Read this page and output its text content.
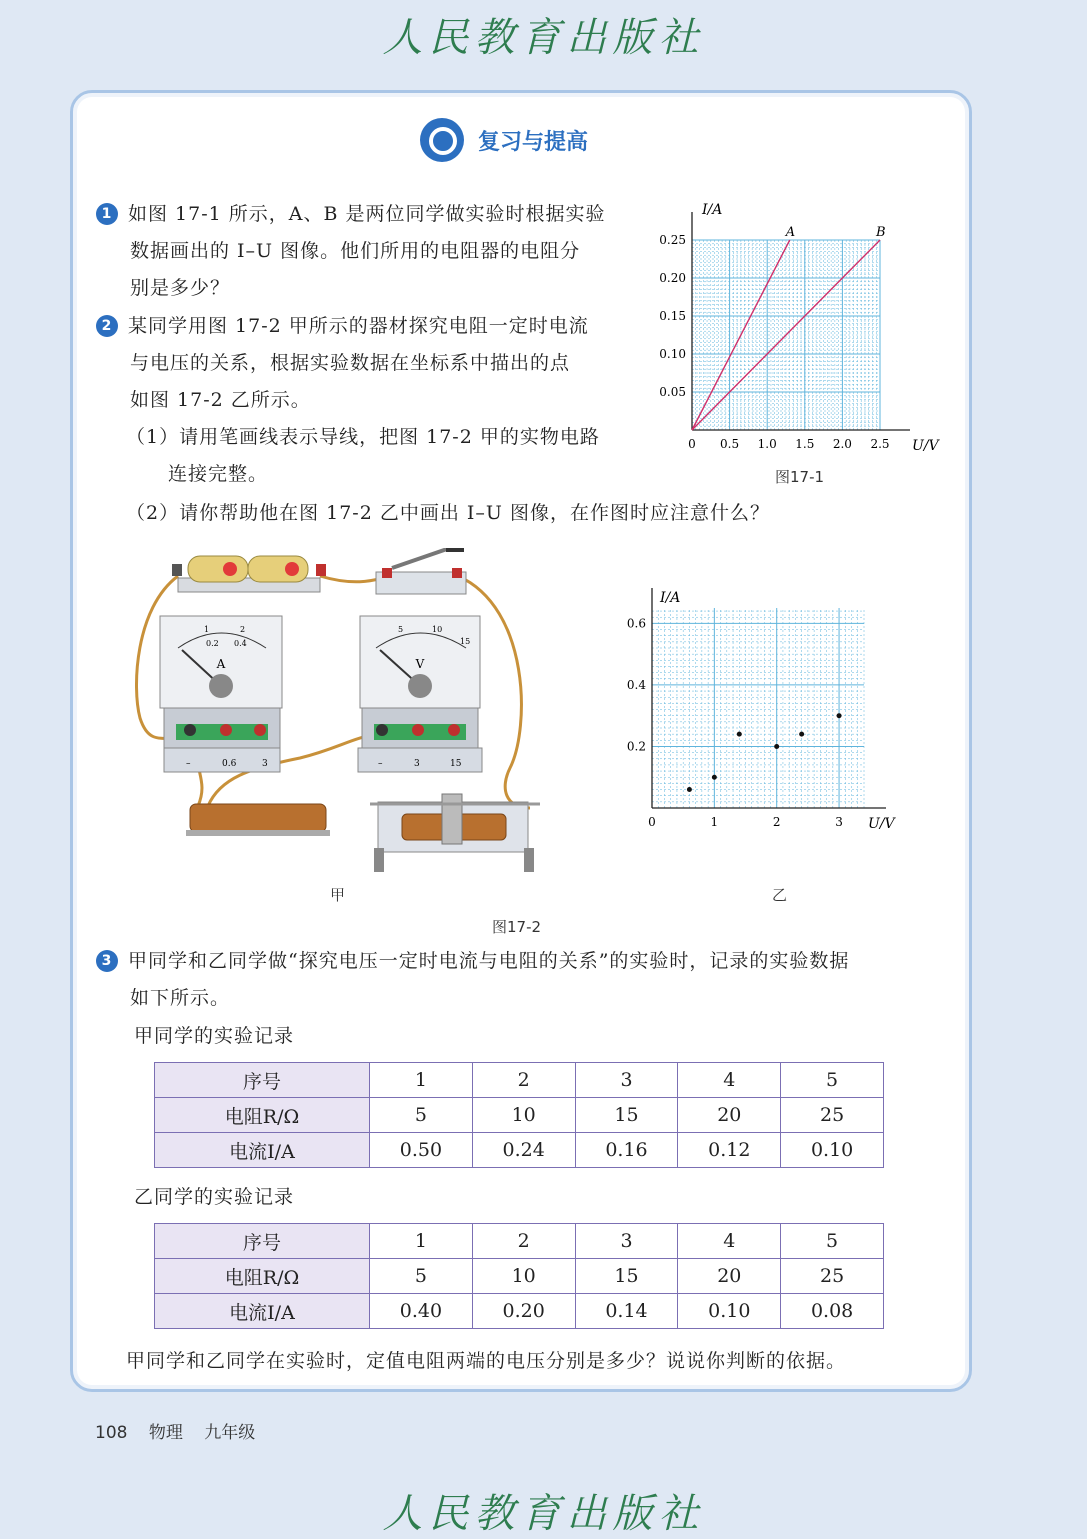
人民教育出版社
复习与提高
1 如图 17-1 所示，A、B 是两位同学做实验时根据实验
数据画出的 I–U 图像。他们所用的电阻器的电阻分
别是多少？
2 某同学用图 17-2 甲所示的器材探究电阻一定时电流
与电压的关系，根据实验数据在坐标系中描出的点
如图 17-2 乙所示。
（1）请用笔画线表示导线，把图 17-2 甲的实物电路
连接完整。
（2）请你帮助他在图 17-2 乙中画出 I–U 图像，在作图时应注意什么？
0 0.5 1.0 1.5 2.0 2.5
0.05
0.10
0.15
0.20
0.25
U/V
I/A
A	B
图17-1
A
1	2
0.2 0.4
–	0.6	3
V
5	10
15
–	3	15
甲
0	1	2	3
0.2
0.4
0.6
U/V
I/A
乙
图17-2
3 甲同学和乙同学做“探究电压一定时电流与电阻的关系”的实验时，记录的实验数据
如下所示。
甲同学的实验记录
序号	1	2	3	4	5
电阻R/Ω	5	10	15	20	25
电流I/A	0.50	0.24	0.16	0.12	0.10
乙同学的实验记录
序号	1	2	3	4	5
电阻R/Ω	5	10	15	20	25
电流I/A	0.40	0.20	0.14	0.10	0.08
甲同学和乙同学在实验时，定值电阻两端的电压分别是多少？说说你判断的依据。
108 物理 九年级
人民教育出版社
